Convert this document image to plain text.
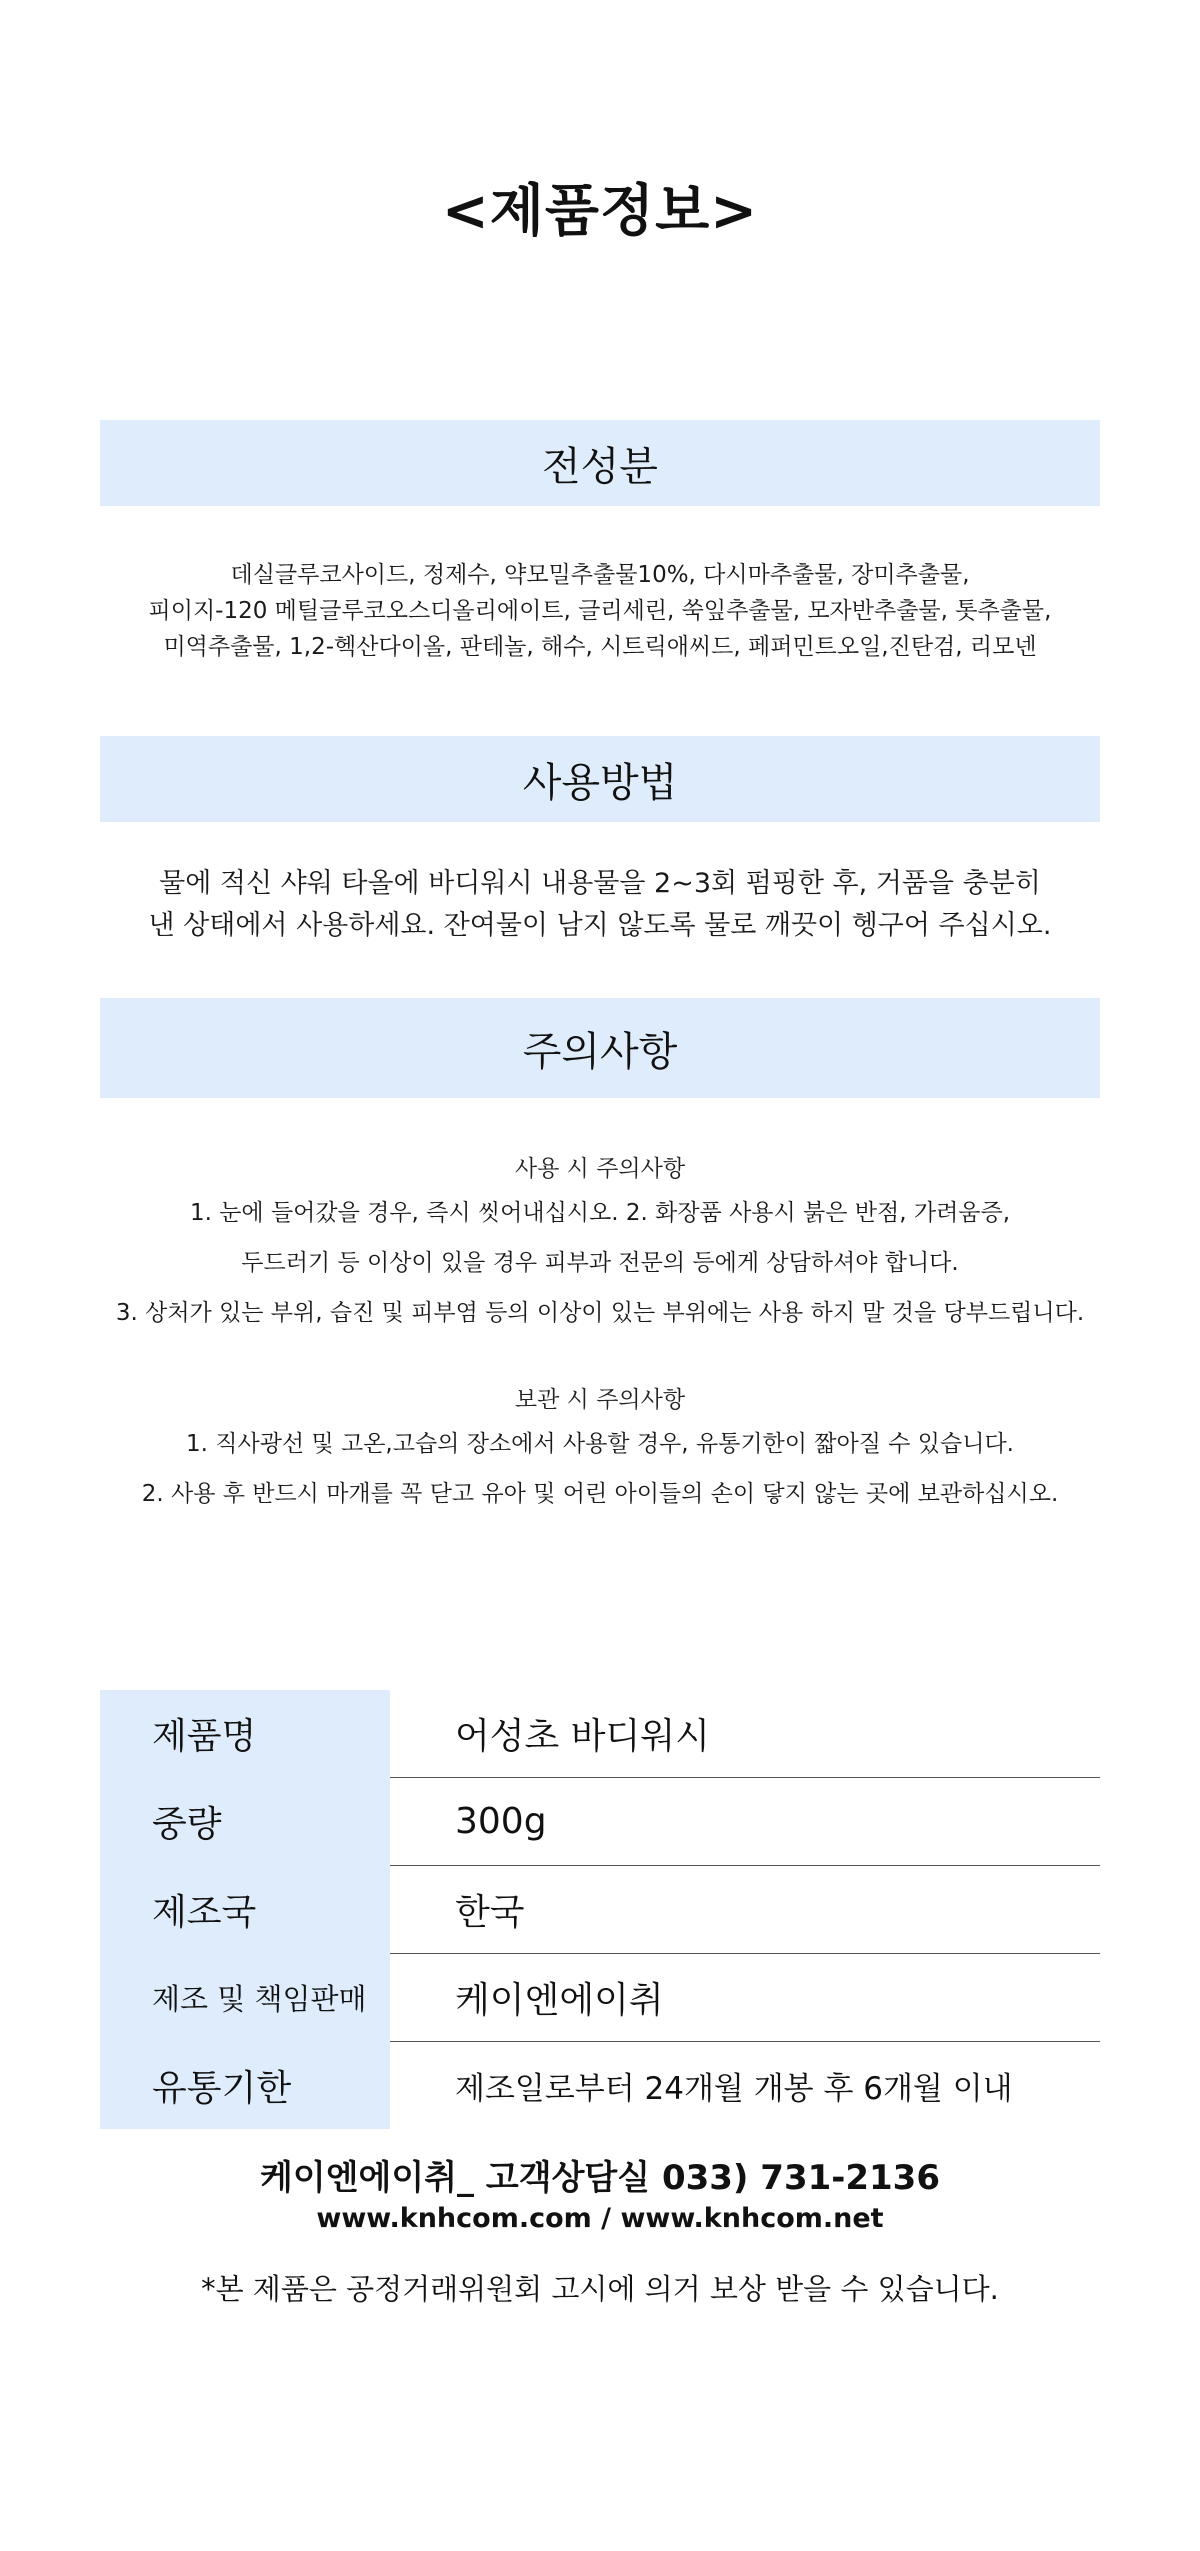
<제품정보>
전성분

데실글루코사이드, 정제수, 약모밀추출물10%, 다시마추출물, 장미추출물,

피이지-120 메틸글루코오스디올리에이트, 글리세린, 쑥잎추출물, 모자반추출물, 톳추출물,

미역추출물, 1,2-헥산다이올, 판테놀, 해수, 시트릭애씨드, 페퍼민트오일,진탄검, 리모넨

사용방법

물에 적신 샤워 타올에 바디워시 내용물을 2~3회 펌핑한 후, 거품을 충분히

낸 상태에서 사용하세요. 잔여물이 남지 않도록 물로 깨끗이 헹구어 주십시오.

주의사항

사용 시 주의사항

1. 눈에 들어갔을 경우, 즉시 씻어내십시오. 2. 화장품 사용시 붉은 반점, 가려움증,

두드러기 등 이상이 있을 경우 피부과 전문의 등에게 상담하셔야 합니다.

3. 상처가 있는 부위, 습진 및 피부염 등의 이상이 있는 부위에는 사용 하지 말 것을 당부드립니다.

보관 시 주의사항

1. 직사광선 및 고온,고습의 장소에서 사용할 경우, 유통기한이 짧아질 수 있습니다.

2. 사용 후 반드시 마개를 꼭 닫고 유아 및 어린 아이들의 손이 닿지 않는 곳에 보관하십시오.

제품명	어성초 바디워시
중량	300g
제조국	한국
제조 및 책임판매	케이엔에이취
유통기한	제조일로부터 24개월 개봉 후 6개월 이내
케이엔에이취_ 고객상담실 033) 731-2136
www.knhcom.com / www.knhcom.net
*본 제품은 공정거래위원회 고시에 의거 보상 받을 수 있습니다.
